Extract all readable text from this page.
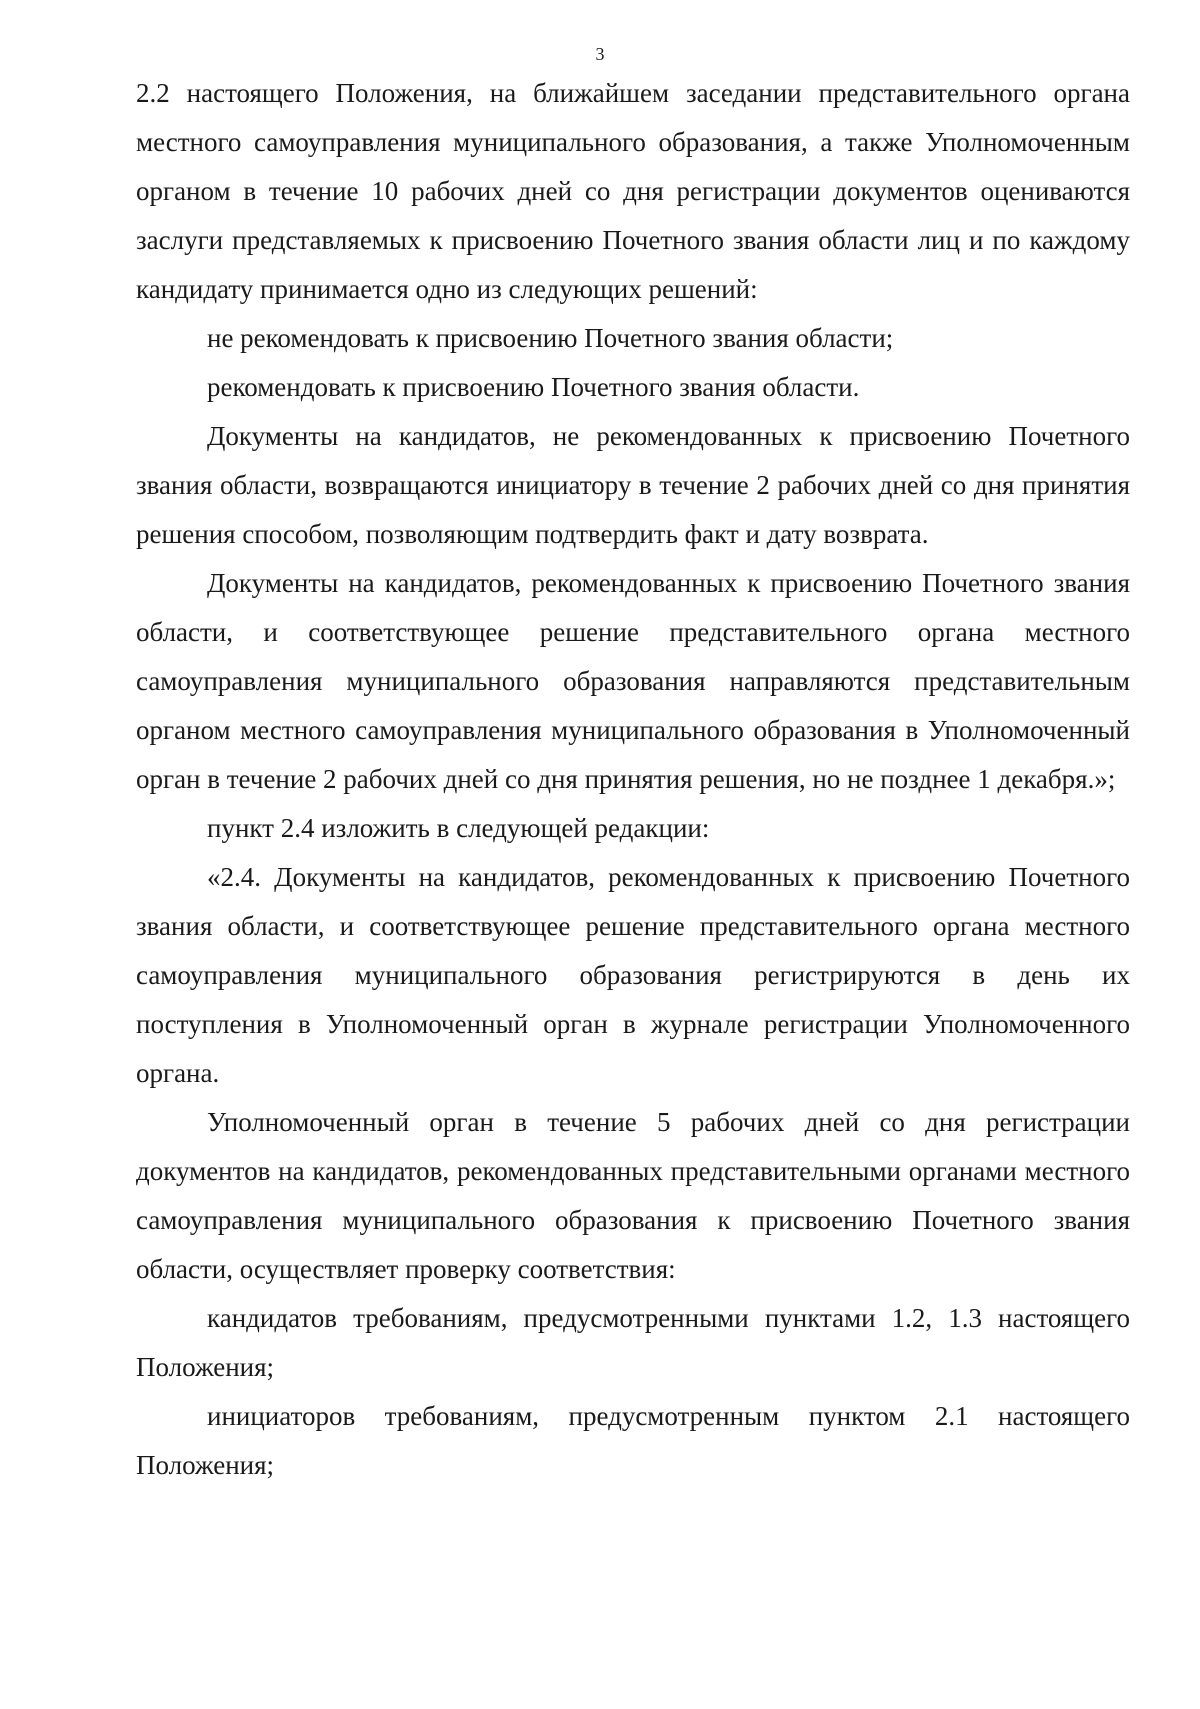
3

2.2 настоящего Положения, на ближайшем заседании представительного органа местного самоуправления муниципального образования, а также Уполномоченным органом в течение 10 рабочих дней со дня регистрации документов оцениваются заслуги представляемых к присвоению Почетного звания области лиц и по каждому кандидату принимается одно из следующих решений:

не рекомендовать к присвоению Почетного звания области;

рекомендовать к присвоению Почетного звания области.

Документы на кандидатов, не рекомендованных к присвоению Почетного звания области, возвращаются инициатору в течение 2 рабочих дней со дня принятия решения способом, позволяющим подтвердить факт и дату возврата.

Документы на кандидатов, рекомендованных к присвоению Почетного звания области, и соответствующее решение представительного органа местного самоуправления муниципального образования направляются представительным органом местного самоуправления муниципального образования в Уполномоченный орган в течение 2 рабочих дней со дня принятия решения, но не позднее 1 декабря.»;

пункт 2.4 изложить в следующей редакции:

«2.4. Документы на кандидатов, рекомендованных к присвоению Почетного звания области, и соответствующее решение представительного органа местного самоуправления муниципального образования регистрируются в день их поступления в Уполномоченный орган в журнале регистрации Уполномоченного органа.

Уполномоченный орган в течение 5 рабочих дней со дня регистрации документов на кандидатов, рекомендованных представительными органами местного самоуправления муниципального образования к присвоению Почетного звания области, осуществляет проверку соответствия:

кандидатов требованиям, предусмотренными пунктами 1.2, 1.3 настоящего Положения;

инициаторов требованиям, предусмотренным пунктом 2.1 настоящего Положения;
